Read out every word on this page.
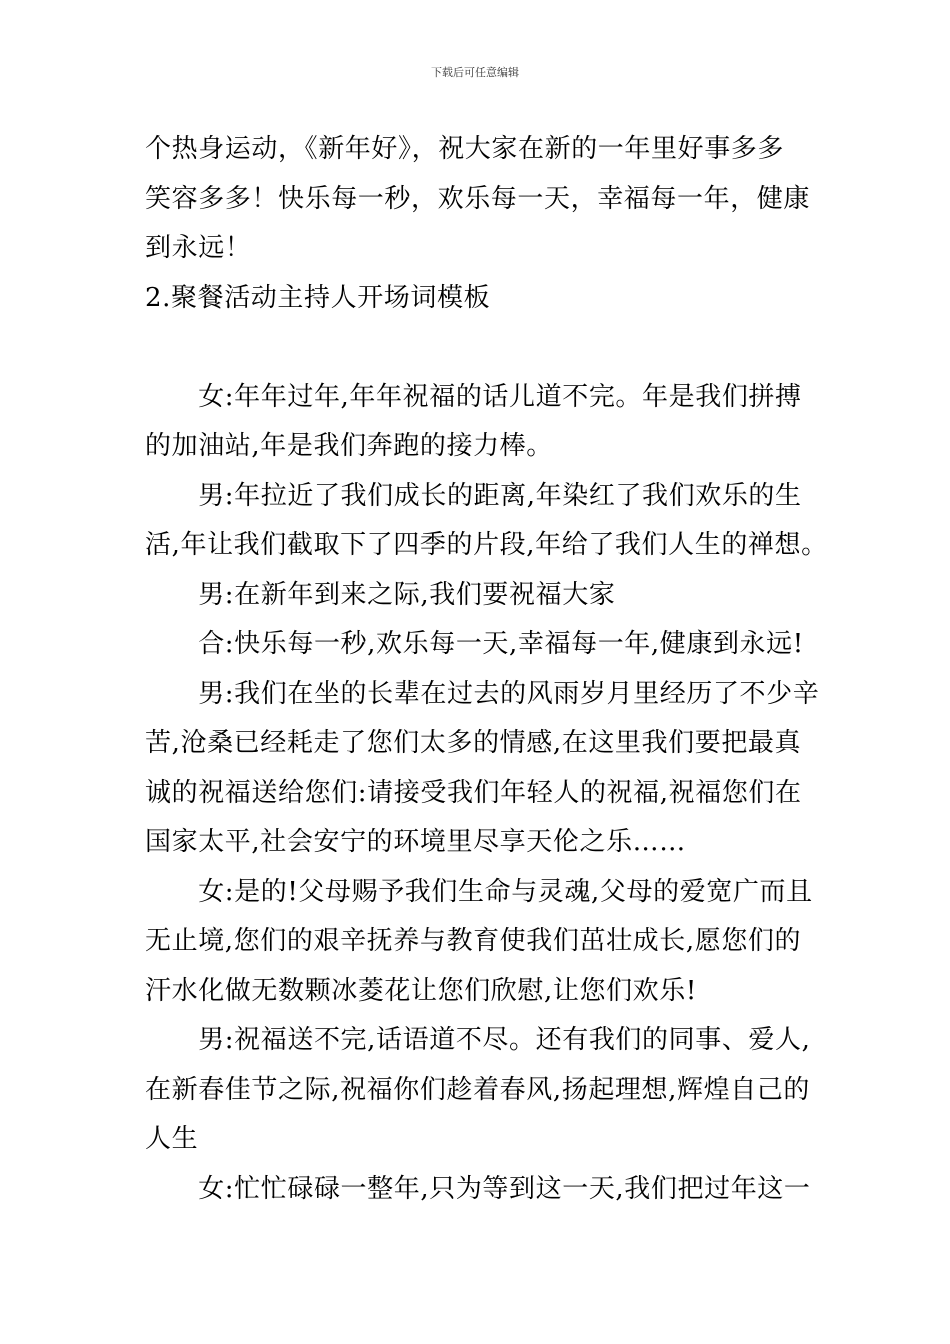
下载后可任意编辑
个热身运动，《新年好》，祝大家在新的一年里好事多多
笑容多多！快乐每一秒，欢乐每一天，幸福每一年，健康
到永远！
2.聚餐活动主持人开场词模板
　　女:年年过年,年年祝福的话儿道不完。年是我们拼搏
的加油站,年是我们奔跑的接力棒。
　　男:年拉近了我们成长的距离,年染红了我们欢乐的生
活,年让我们截取下了四季的片段,年给了我们人生的禅想。
　　男:在新年到来之际,我们要祝福大家
　　合:快乐每一秒,欢乐每一天,幸福每一年,健康到永远!
　　男:我们在坐的长辈在过去的风雨岁月里经历了不少辛
苦,沧桑已经耗走了您们太多的情感,在这里我们要把最真
诚的祝福送给您们:请接受我们年轻人的祝福,祝福您们在
国家太平,社会安宁的环境里尽享天伦之乐……
　　女:是的!父母赐予我们生命与灵魂,父母的爱宽广而且
无止境,您们的艰辛抚养与教育使我们茁壮成长,愿您们的
汗水化做无数颗冰菱花让您们欣慰,让您们欢乐!
　　男:祝福送不完,话语道不尽。还有我们的同事、爱人,
在新春佳节之际,祝福你们趁着春风,扬起理想,辉煌自己的
人生
　　女:忙忙碌碌一整年,只为等到这一天,我们把过年这一
